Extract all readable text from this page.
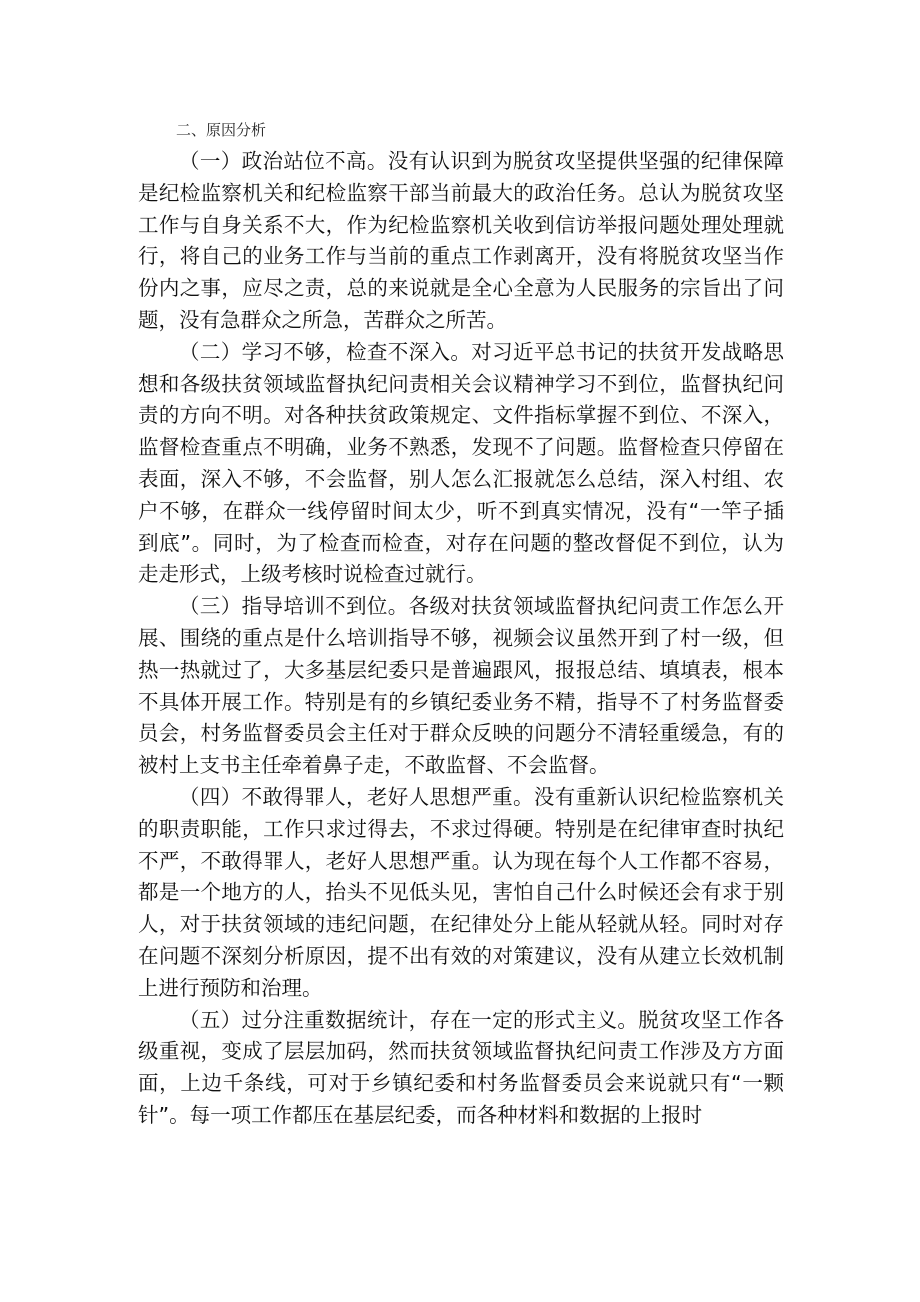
二、原因分析

（一）政治站位不高。没有认识到为脱贫攻坚提供坚强的纪律保障是纪检监察机关和纪检监察干部当前最大的政治任务。总认为脱贫攻坚工作与自身关系不大，作为纪检监察机关收到信访举报问题处理处理就行，将自己的业务工作与当前的重点工作剥离开，没有将脱贫攻坚当作份内之事，应尽之责，总的来说就是全心全意为人民服务的宗旨出了问题，没有急群众之所急，苦群众之所苦。

（二）学习不够，检查不深入。对习近平总书记的扶贫开发战略思想和各级扶贫领域监督执纪问责相关会议精神学习不到位，监督执纪问责的方向不明。对各种扶贫政策规定、文件指标掌握不到位、不深入，监督检查重点不明确，业务不熟悉，发现不了问题。监督检查只停留在表面，深入不够，不会监督，别人怎么汇报就怎么总结，深入村组、农户不够，在群众一线停留时间太少，听不到真实情况，没有“一竿子插到底”。同时，为了检查而检查，对存在问题的整改督促不到位，认为走走形式，上级考核时说检查过就行。

（三）指导培训不到位。各级对扶贫领域监督执纪问责工作怎么开展、围绕的重点是什么培训指导不够，视频会议虽然开到了村一级，但热一热就过了，大多基层纪委只是普遍跟风，报报总结、填填表，根本不具体开展工作。特别是有的乡镇纪委业务不精，指导不了村务监督委员会，村务监督委员会主任对于群众反映的问题分不清轻重缓急，有的被村上支书主任牵着鼻子走，不敢监督、不会监督。

（四）不敢得罪人，老好人思想严重。没有重新认识纪检监察机关的职责职能，工作只求过得去，不求过得硬。特别是在纪律审查时执纪不严，不敢得罪人，老好人思想严重。认为现在每个人工作都不容易，都是一个地方的人，抬头不见低头见，害怕自己什么时候还会有求于别人，对于扶贫领域的违纪问题，在纪律处分上能从轻就从轻。同时对存在问题不深刻分析原因，提不出有效的对策建议，没有从建立长效机制上进行预防和治理。

（五）过分注重数据统计，存在一定的形式主义。脱贫攻坚工作各级重视，变成了层层加码，然而扶贫领域监督执纪问责工作涉及方方面面，上边千条线，可对于乡镇纪委和村务监督委员会来说就只有“一颗针”。每一项工作都压在基层纪委，而各种材料和数据的上报时
